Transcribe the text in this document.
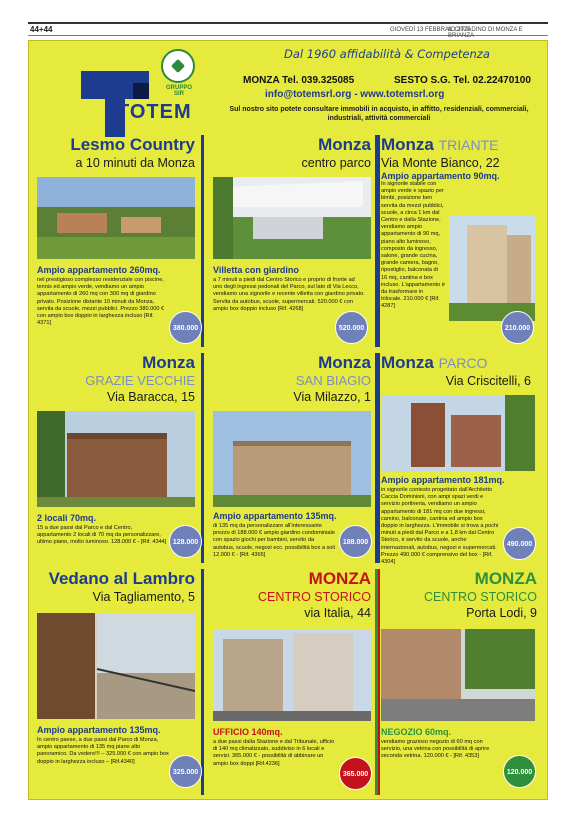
44+44	GIOVEDÌ 13 FEBBRAIO 2020
IL CITTADINO DI MONZA E BRIANZA
TOTEM
GRUPPO SIR
Dal 1960 affidabilità & Competenza
MONZA Tel. 039.325085	SESTO S.G. Tel. 02.22470100
info@totemsrl.org - www.totemsrl.org
Sul nostro sito potete consultare immobili in acquisto, in affitto, residenziali, commerciali, industriali, attività commerciali
Lesmo Country
a 10 minuti da Monza
Ampio appartamento 260mq.
nel prestigioso complesso residenziale con piscine, tennis ed ampio verde, vendiamo un ampio appartamento di 260 mq con 300 mq di giardino privato. Posizione distante 10 minuti da Monza, servita da scuole, mezzi pubblici. Prezzo 380.000 € con ampio box doppio in larghezza incluso [Rif. 4371]
380.000
Monza
centro parco
Villetta con giardino
a 7 minuti a piedi dal Centro Storico e proprio di fronte ad uno degli ingressi pedonali del Parco, sul lato di Via Lecco, vendiamo una signorile e recente villetta con giardino privato. Servita da autobus, scuole, supermercati. 520.000 € con ampio box doppio incluso [Rif. 4268]
520.000
Monza TRIANTE
Via Monte Bianco, 22
Ampio appartamento 90mq.
In signorile stabile con ampio verde e spazio per bimbi, posizione ben servita da mezzi pubblici, scuole, a circa 1 km dal Centro e dalla Stazione, vendiamo ampio appartamento di 90 mq, piano alto luminoso, composto da ingresso, salone, grande cucina, grande camera, bagno, ripostiglio, balconata di 16 mq, cantina e box incluso. L'appartamento è da trasformare in trilocale. 210.000 € [Rif. 4287]
210.000
Monza
GRAZIE VECCHIE
Via Baracca, 15
2 locali 70mq.
15 a due passi dal Parco e dal Centro, appartamento 2 locali di 70 mq da personalizzare, ultimo piano, molto luminoso. 128.000 € - [Rif. 4344] 128.000
Monza
SAN BIAGIO
Via Milazzo, 1
Ampio appartamento 135mq.
di 135 mq da personalizzare all'interessante prezzo di 188.000 € ampio giardino condominiale con spazio giochi per bambini, servito da autobus, scuole, negozi ecc. possibilità box a soli 12.000 € - [Rif. 4365]
188.000
Monza PARCO
Via Criscitelli, 6
Ampio appartamento 181mq.
in signorile contesto progettato dall'Architetto Caccia Dominioni, con ampi spazi verdi e servizio portineria, vendiamo un ampio appartamento di 181 mq con due ingressi, camino, balconate, cantina ed ampio box doppio in larghezza. L'immobile si trova a pochi minuti a piedi dal Parco e a 1,8 km dal Centro Storico, è servito da scuole, anche internazionali, autobus, negozi e supermercati. Prezzo 490.000 € comprensivo del box - [Rif. 4304]
490.000
Vedano al Lambro
Via Tagliamento, 5
Ampio appartamento 135mq.
In centro paese, a due passi dal Parco di Monza, ampio appartamento di 135 mq piano alto panoramico. Da vedere!!! – 325.000 € con ampio box doppio in larghezza incluso – [Rif.4340]
325.000
MONZA
CENTRO STORICO
via Italia, 44
UFFICIO 140mq.
a due passi dalla Stazione e dal Tribunale, ufficio di 140 mq climatizzato, suddiviso in 6 locali e servizi. 365.000 € - possibilità di abbinare un ampio box doppi [Rif.4236]
365.000
MONZA
CENTRO STORICO
Porta Lodi, 9
NEGOZIO 60mq.
vendiamo grazioso negozio di 60 mq con servizio, una vetrina con possibilità di aprire seconda vetrina. 120.000 € - [Rif. 4353]
120.000
